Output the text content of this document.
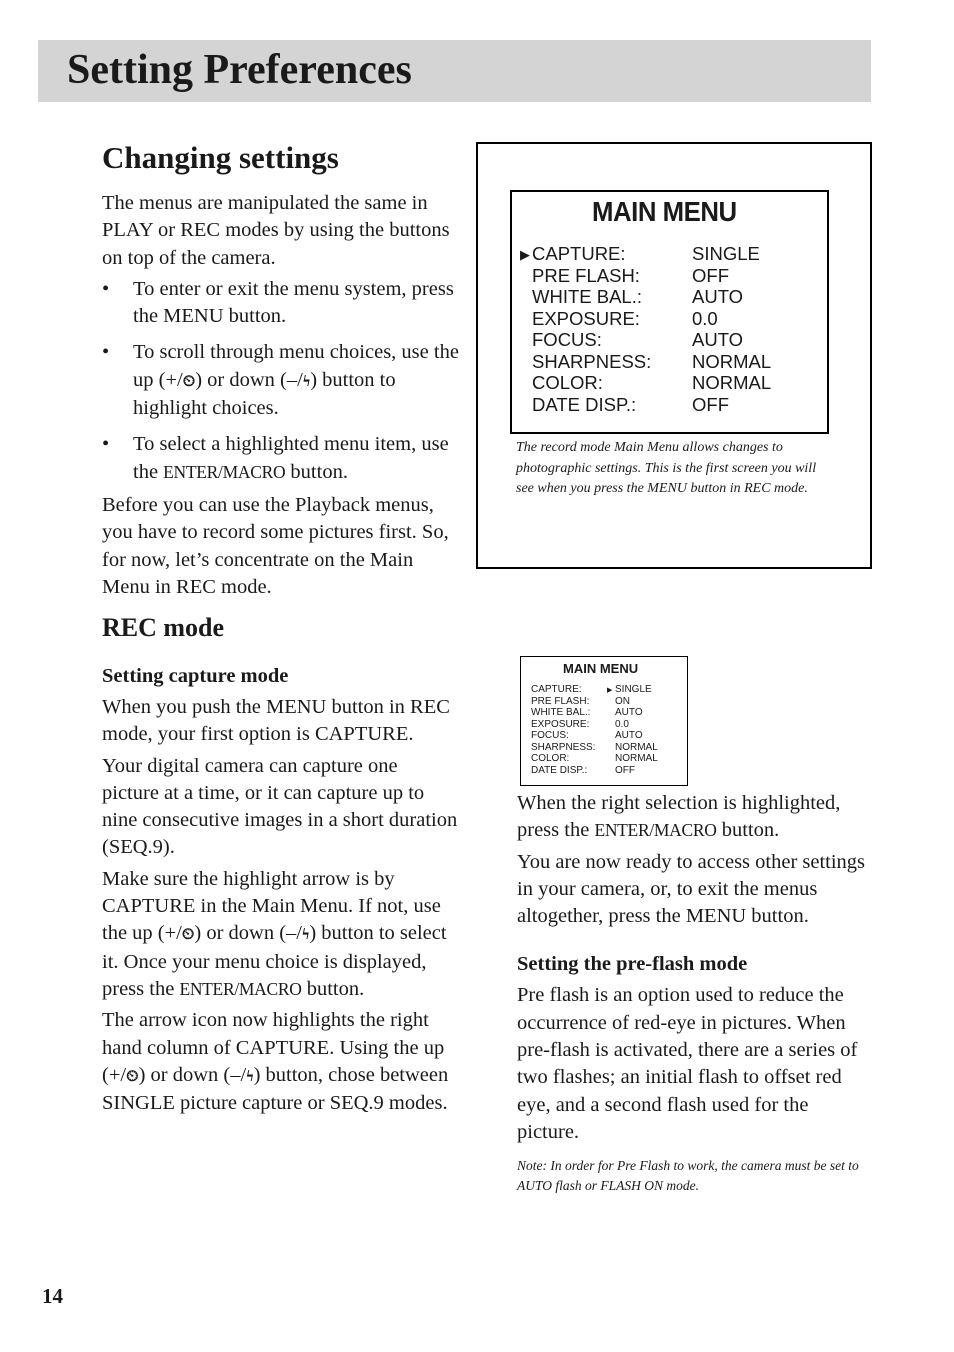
Setting Preferences
Changing settings

The menus are manipulated the same in PLAY or REC modes by using the buttons on top of the camera.

• To enter or exit the menu system, press the MENU button.
• To scroll through menu choices, use the up (+/⏲) or down (–/ϟ) button to highlight choices.
• To select a highlighted menu item, use the ENTER/MACRO button.

Before you can use the Playback menus, you have to record some pictures first. So, for now, let’s concentrate on the Main Menu in REC mode.

REC mode

Setting capture mode

When you push the MENU button in REC mode, your first option is CAPTURE.

Your digital camera can capture one picture at a time, or it can capture up to nine consecutive images in a short duration (SEQ.9).

Make sure the highlight arrow is by CAPTURE in the Main Menu. If not, use the up (+/⏲) or down (–/ϟ) button to select it. Once your menu choice is displayed, press the ENTER/MACRO button.

The arrow icon now highlights the right hand column of CAPTURE. Using the up (+/⏲) or down (–/ϟ) button, chose between SINGLE picture capture or SEQ.9 modes.

MAIN MENU
▶ CAPTURE:	SINGLE
PRE FLASH:	OFF
WHITE BAL.:	AUTO
EXPOSURE:	0.0
FOCUS:	AUTO
SHARPNESS: NORMAL
COLOR:	NORMAL
DATE DISP.:	OFF
The record mode Main Menu allows changes to photographic settings. This is the first screen you will see when you press the MENU button in REC mode.
MAIN MENU
CAPTURE:	▶ SINGLE
PRE FLASH:	ON
WHITE BAL.: AUTO
EXPOSURE:	0.0
FOCUS:	AUTO
SHARPNESS: NORMAL
COLOR:	NORMAL
DATE DISP.:	OFF

When the right selection is highlighted, press the ENTER/MACRO button.

You are now ready to access other settings in your camera, or, to exit the menus altogether, press the MENU button.

Setting the pre-flash mode

Pre flash is an option used to reduce the occurrence of red-eye in pictures. When pre-flash is activated, there are a series of two flashes; an initial flash to offset red eye, and a second flash used for the picture.

Note: In order for Pre Flash to work, the camera must be set to AUTO flash or FLASH ON mode.

14
